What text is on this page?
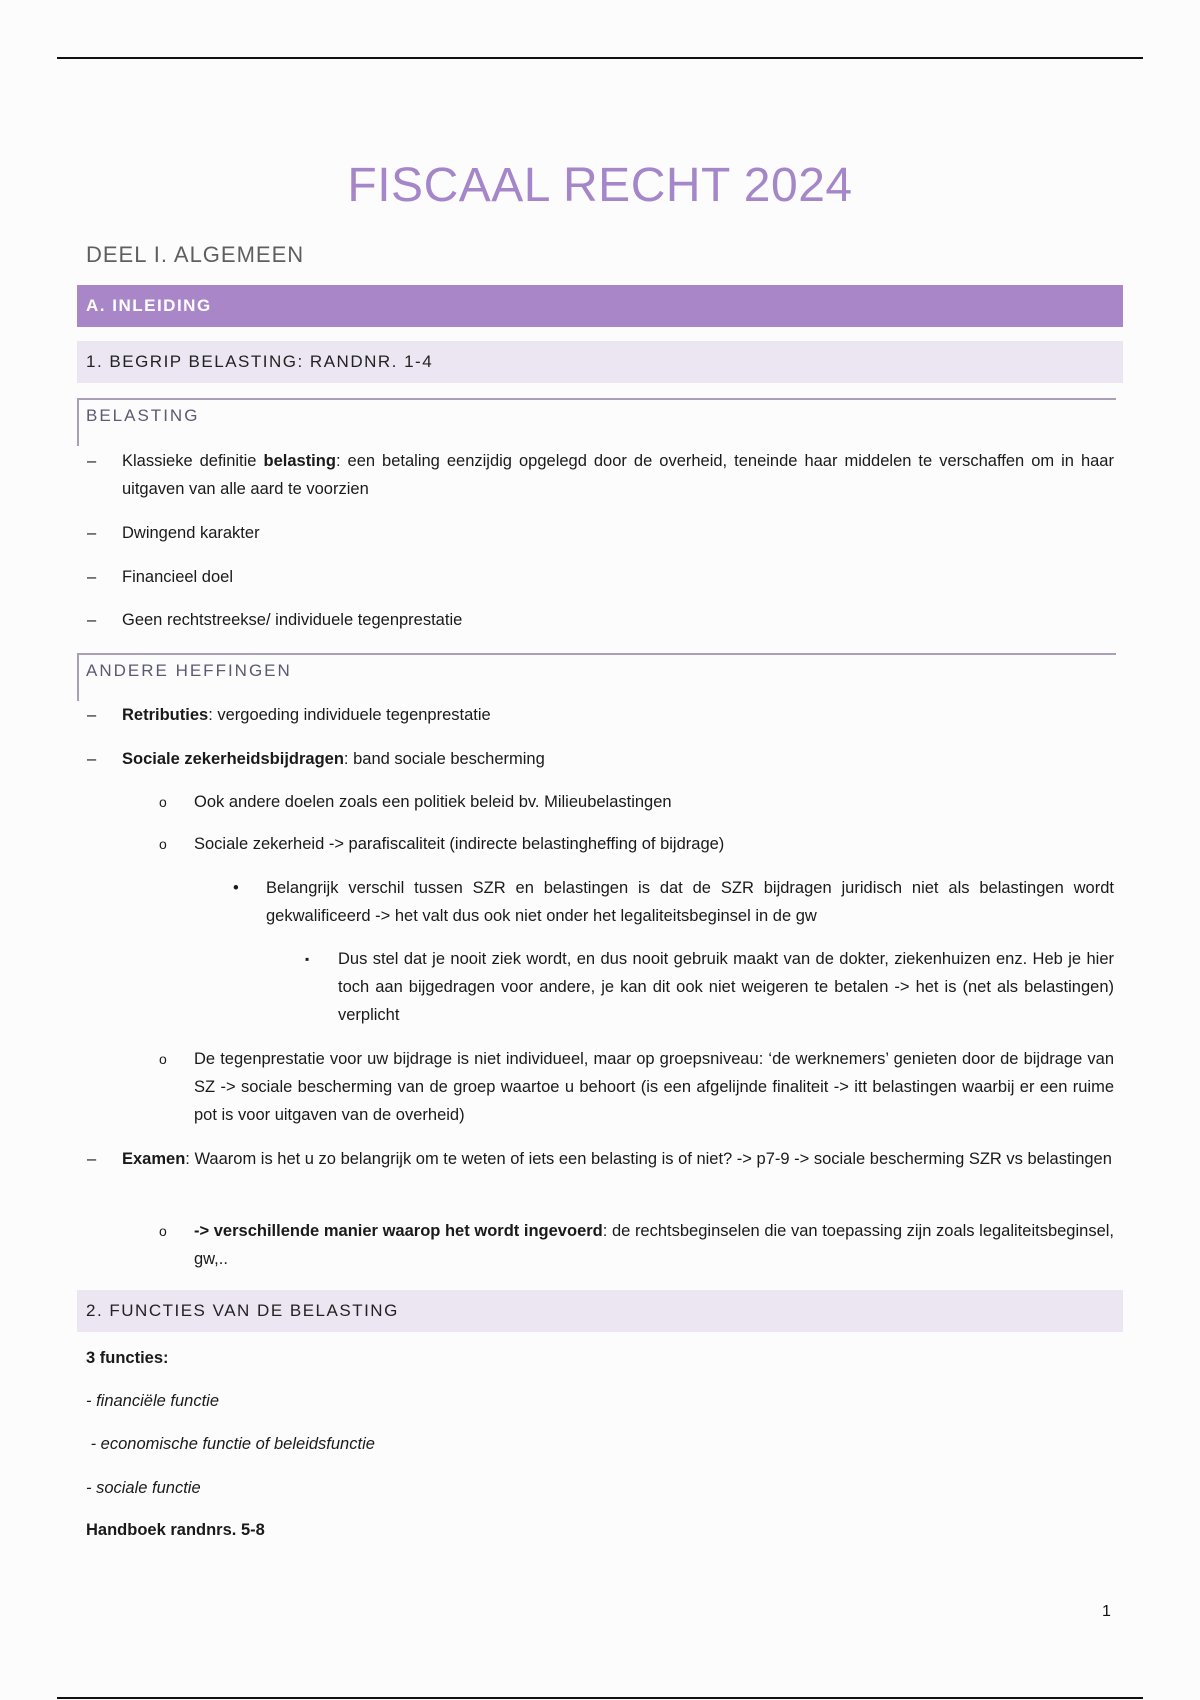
FISCAAL RECHT 2024
DEEL I. ALGEMEEN
A. INLEIDING
1. BEGRIP BELASTING: RANDNR. 1-4
BELASTING
– Klassieke definitie belasting: een betaling eenzijdig opgelegd door de overheid, teneinde haar middelen te verschaffen om in haar uitgaven van alle aard te voorzien
– Dwingend karakter
– Financieel doel
– Geen rechtstreekse/ individuele tegenprestatie
ANDERE HEFFINGEN
– Retributies: vergoeding individuele tegenprestatie
– Sociale zekerheidsbijdragen: band sociale bescherming
o Ook andere doelen zoals een politiek beleid bv. Milieubelastingen
o Sociale zekerheid -> parafiscaliteit (indirecte belastingheffing of bijdrage)
• Belangrijk verschil tussen SZR en belastingen is dat de SZR bijdragen juridisch niet als belastingen wordt gekwalificeerd -> het valt dus ook niet onder het legaliteitsbeginsel in de gw
▪ Dus stel dat je nooit ziek wordt, en dus nooit gebruik maakt van de dokter, ziekenhuizen enz. Heb je hier toch aan bijgedragen voor andere, je kan dit ook niet weigeren te betalen -> het is (net als belastingen) verplicht
o De tegenprestatie voor uw bijdrage is niet individueel, maar op groepsniveau: ‘de werknemers’ genieten door de bijdrage van SZ -> sociale bescherming van de groep waartoe u behoort (is een afgelijnde finaliteit -> itt belastingen waarbij er een ruime pot is voor uitgaven van de overheid)
– Examen: Waarom is het u zo belangrijk om te weten of iets een belasting is of niet? -> p7-9 -> sociale bescherming SZR vs belastingen
o -> verschillende manier waarop het wordt ingevoerd: de rechtsbeginselen die van toepassing zijn zoals legaliteitsbeginsel, gw,..
2. FUNCTIES VAN DE BELASTING
3 functies:
- financiële functie
- economische functie of beleidsfunctie
- sociale functie
Handboek randnrs. 5-8
1
